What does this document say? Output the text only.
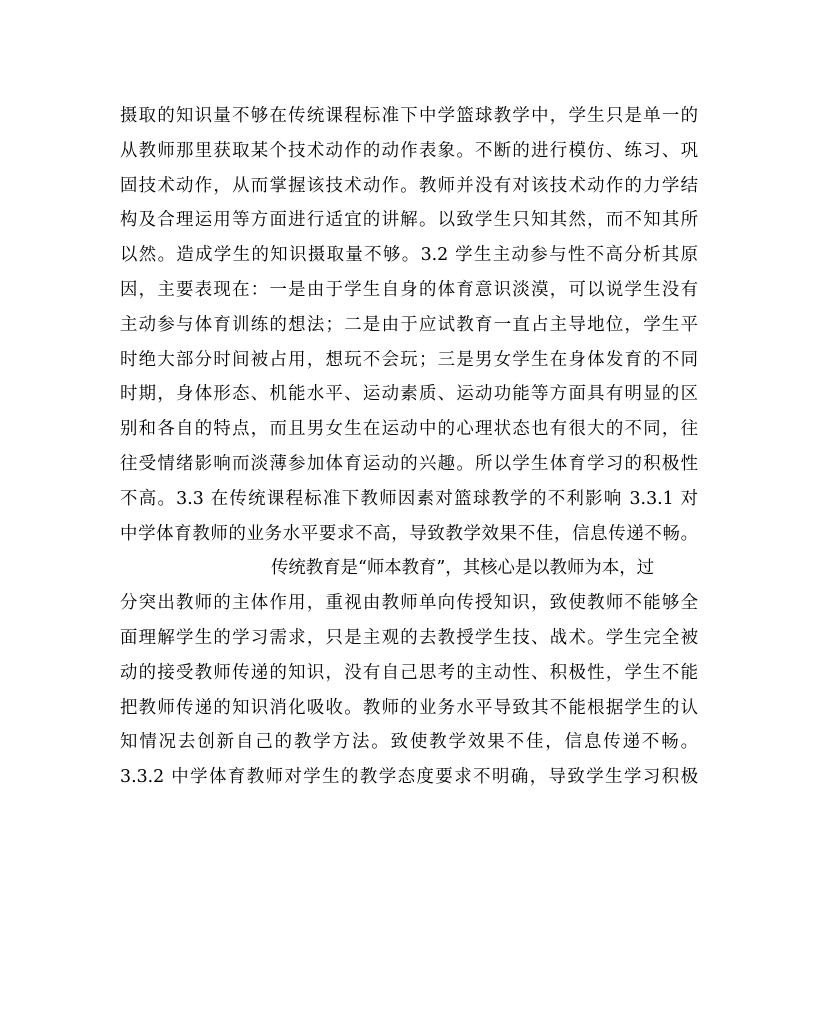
摄取的知识量不够在传统课程标准下中学篮球教学中，学生只是单一的
从教师那里获取某个技术动作的动作表象。不断的进行模仿、练习、巩
固技术动作，从而掌握该技术动作。教师并没有对该技术动作的力学结
构及合理运用等方面进行适宜的讲解。以致学生只知其然，而不知其所
以然。造成学生的知识摄取量不够。3.2 学生主动参与性不高分析其原
因，主要表现在：一是由于学生自身的体育意识淡漠，可以说学生没有
主动参与体育训练的想法；二是由于应试教育一直占主导地位，学生平
时绝大部分时间被占用，想玩不会玩；三是男女学生在身体发育的不同
时期，身体形态、机能水平、运动素质、运动功能等方面具有明显的区
别和各自的特点，而且男女生在运动中的心理状态也有很大的不同，往
往受情绪影响而淡薄参加体育运动的兴趣。所以学生体育学习的积极性
不高。3.3 在传统课程标准下教师因素对篮球教学的不利影响 3.3.1 对
中学体育教师的业务水平要求不高，导致教学效果不佳，信息传递不畅。
传统教育是“师本教育”，其核心是以教师为本，过
分突出教师的主体作用，重视由教师单向传授知识，致使教师不能够全
面理解学生的学习需求，只是主观的去教授学生技、战术。学生完全被
动的接受教师传递的知识，没有自己思考的主动性、积极性，学生不能
把教师传递的知识消化吸收。教师的业务水平导致其不能根据学生的认
知情况去创新自己的教学方法。致使教学效果不佳，信息传递不畅。
3.3.2 中学体育教师对学生的教学态度要求不明确，导致学生学习积极
